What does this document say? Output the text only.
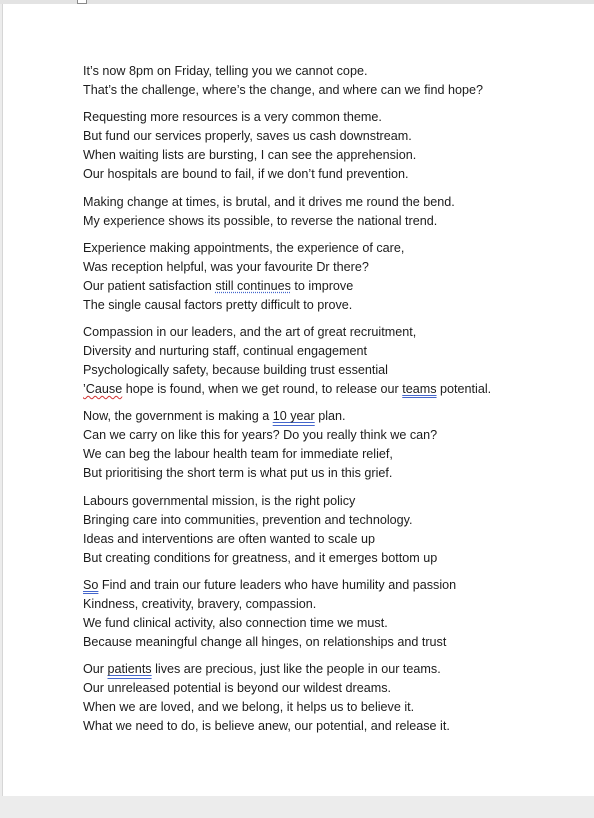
It’s now 8pm on Friday, telling you we cannot cope.
That’s the challenge, where’s the change, and where can we find hope?
Requesting more resources is a very common theme.
But fund our services properly, saves us cash downstream.
When waiting lists are bursting, I can see the apprehension.
Our hospitals are bound to fail, if we don’t fund prevention.
Making change at times, is brutal, and it drives me round the bend.
My experience shows its possible, to reverse the national trend.
Experience making appointments, the experience of care,
Was reception helpful, was your favourite Dr there?
Our patient satisfaction still continues to improve
The single causal factors pretty difficult to prove.
Compassion in our leaders, and the art of great recruitment,
Diversity and nurturing staff, continual engagement
Psychologically safety, because building trust essential
’Cause hope is found, when we get round, to release our teams potential.
Now, the government is making a 10 year plan.
Can we carry on like this for years? Do you really think we can?
We can beg the labour health team for immediate relief,
But prioritising the short term is what put us in this grief.
Labours governmental mission, is the right policy
Bringing care into communities, prevention and technology.
Ideas and interventions are often wanted to scale up
But creating conditions for greatness, and it emerges bottom up
So Find and train our future leaders who have humility and passion
Kindness, creativity, bravery, compassion.
We fund clinical activity, also connection time we must.
Because meaningful change all hinges, on relationships and trust
Our patients lives are precious, just like the people in our teams.
Our unreleased potential is beyond our wildest dreams.
When we are loved, and we belong, it helps us to believe it.
What we need to do, is believe anew, our potential, and release it.
